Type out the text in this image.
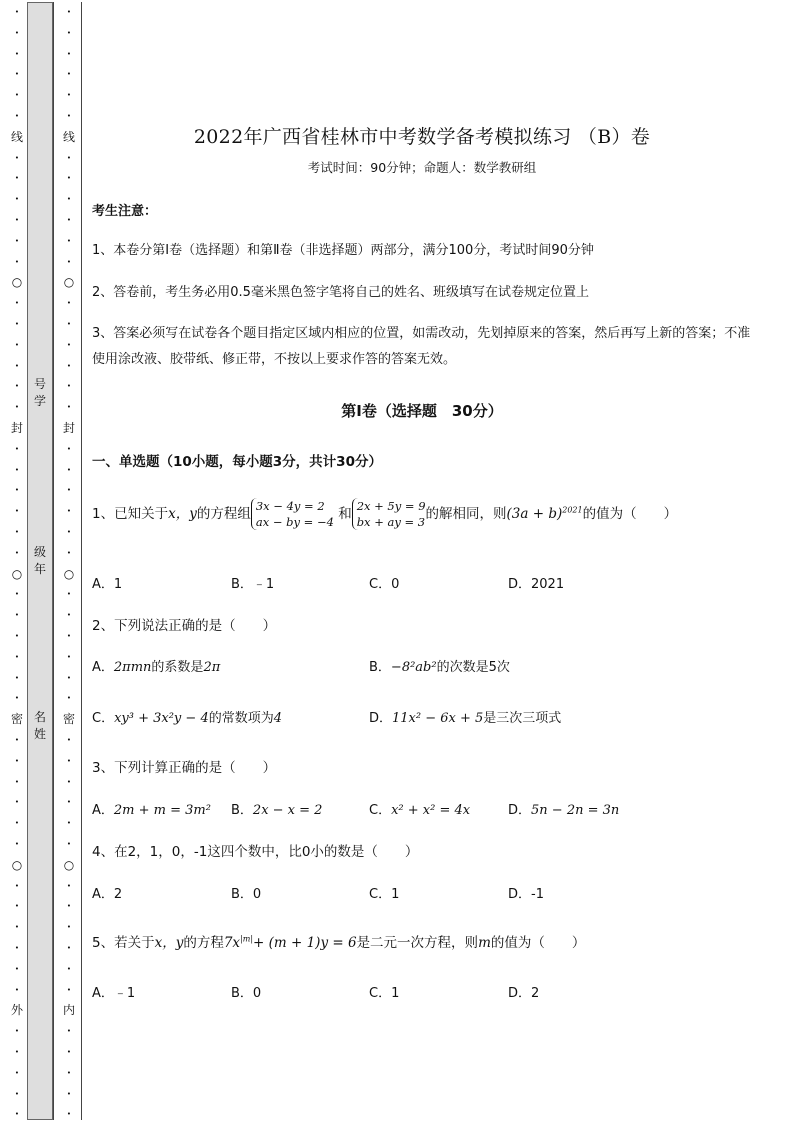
•
•
•
•
•
•
线
•
•
•
•
•
•
○
•
•
•
•
•
•
封
•
•
•
•
•
•
○
•
•
•
•
•
•
密
•
•
•
•
•
•
○
•
•
•
•
•
•
外
•
•
•
•
•
•
•
•
•
•
•
线
•
•
•
•
•
•
○
•
•
•
•
•
•
封
•
•
•
•
•
•
○
•
•
•
•
•
•
密
•
•
•
•
•
•
○
•
•
•
•
•
•
内
•
•
•
•
•
号
学
级
年
名
姓
2022年广西省桂林市中考数学备考模拟练习 （B）卷
考试时间：90分钟；命题人：数学教研组
考生注意：
1、本卷分第I卷（选择题）和第Ⅱ卷（非选择题）两部分，满分100分，考试时间90分钟
2、答卷前，考生务必用0.5毫米黑色签字笔将自己的姓名、班级填写在试卷规定位置上
3、答案必须写在试卷各个题目指定区域内相应的位置，如需改动，先划掉原来的答案，然后再写上新的答案；不准使用涂改液、胶带纸、修正带，不按以上要求作答的答案无效。
第I卷（选择题　30分）
一、单选题（10小题，每小题3分，共计30分）
1、已知关于x，y的方程组 3x − 4y = 2
ax − by = −4 和 2x + 5y = 9
bx + ay = 3 的解相同，则$(3a + b)^{2021}$的值为（　　）
A．1	B．﹣1	C．0	D．2021
2、下列说法正确的是（　　）
A．2πmn的系数是2π	B．−8²ab²的次数是5次
C．xy³ + 3x²y − 4的常数项为4	D．11x² − 6x + 5是三次三项式
3、下列计算正确的是（　　）
A．2m + m = 3m² B．2x − x = 2	C．x² + x² = 4x	D．5n − 2n = 3n
4、在2，1，0，-1这四个数中，比0小的数是（　　）
A．2	B．0	C．1	D．-1
5、若关于x，y的方程$7x^{|m|}+ (m + 1)y = 6$是二元一次方程，则m的值为（　　）
A．﹣1	B．0	C．1	D．2
